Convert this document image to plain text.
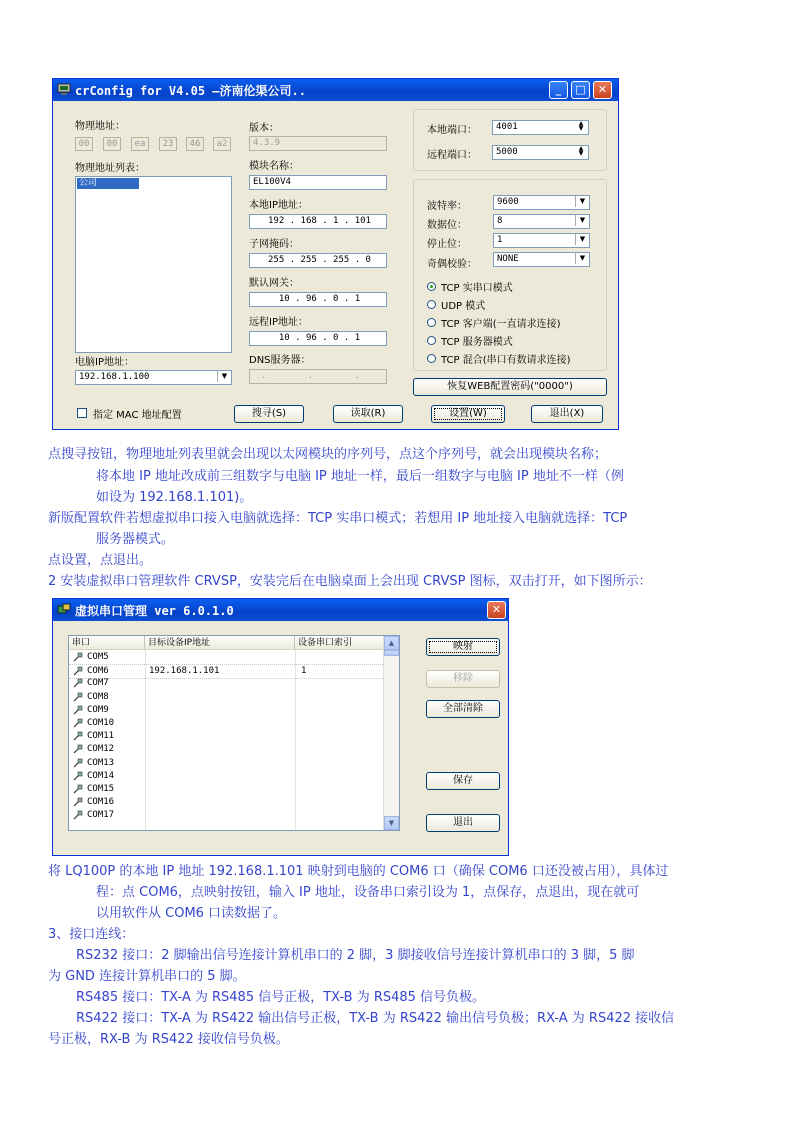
crConfig for V4.05 —济南伦渠公司..	_	□	✕
物理地址：
00	00	ea	23	46	a2
物理地址列表：
公司
电脑IP地址：
192.168.1.100	▼
版本：
4.3.9
模块名称：
EL100V4
本地IP地址：
192 . 168 . 1 . 101
子网掩码：
255 . 255 . 255 . 0
默认网关：
10 . 96 . 0 . 1
远程IP地址：
10 . 96 . 0 . 1
DNS服务器：
. . .
本地端口：	4001	▲
▼
远程端口：	5000	▲
▼
波特率：	9600	▼
数据位：	8	▼
停止位：	1	▼
奇偶校验：	NONE	▼
TCP 实串口模式
UDP 模式
TCP 客户端(一直请求连接)
TCP 服务器模式
TCP 混合(串口有数请求连接)
恢复WEB配置密码("0000")
指定 MAC 地址配置	搜寻(S)	读取(R)	设置(W)	退出(X)
点搜寻按钮，物理地址列表里就会出现以太网模块的序列号，点这个序列号，就会出现模块名称；
将本地 IP 地址改成前三组数字与电脑 IP 地址一样，最后一组数字与电脑 IP 地址不一样（例
如设为 192.168.1.101)。
新版配置软件若想虚拟串口接入电脑就选择：TCP 实串口模式；若想用 IP 地址接入电脑就选择：TCP
服务器模式。
点设置，点退出。
2 安装虚拟串口管理软件 CRVSP，安装完后在电脑桌面上会出现 CRVSP 图标，双击打开，如下图所示：
虚拟串口管理 ver 6.0.1.0	✕
串口	目标设备IP地址	设备串口索引
COM5
COM6	192.168.1.101	1
COM7
COM8
COM9
COM10
COM11
COM12
COM13
COM14
COM15
COM16
COM17
▲
▼
映射
移除
全部清除
保存
退出
将 LQ100P 的本地 IP 地址 192.168.1.101 映射到电脑的 COM6 口（确保 COM6 口还没被占用），具体过
程：点 COM6，点映射按钮，输入 IP 地址，设备串口索引设为 1，点保存，点退出，现在就可
以用软件从 COM6 口读数据了。
3、接口连线：
RS232 接口：2 脚输出信号连接计算机串口的 2 脚，3 脚接收信号连接计算机串口的 3 脚，5 脚
为 GND 连接计算机串口的 5 脚。
RS485 接口：TX-A 为 RS485 信号正极，TX-B 为 RS485 信号负极。
RS422 接口：TX-A 为 RS422 输出信号正极，TX-B 为 RS422 输出信号负极；RX-A 为 RS422 接收信
号正极，RX-B 为 RS422 接收信号负极。
